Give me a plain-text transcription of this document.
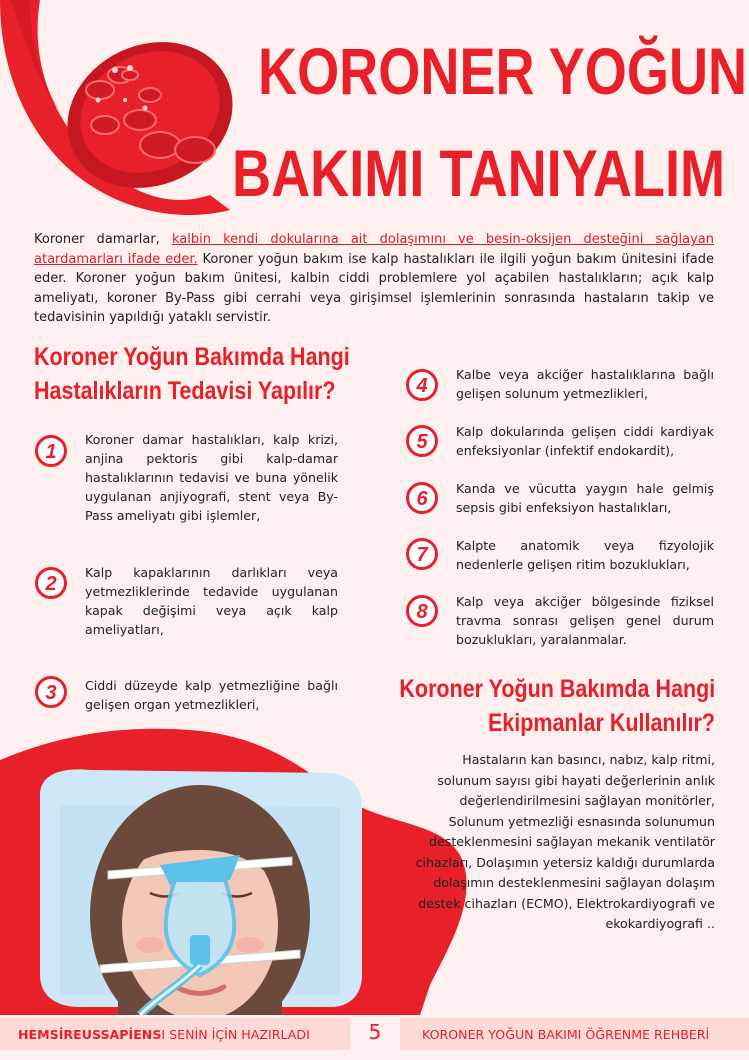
KORONER YOĞUN
BAKIMI TANIYALIM
Koroner damarlar, kalbin kendi dokularına ait dolaşımını ve besin-oksijen desteğini sağlayan atardamarları ifade eder. Koroner yoğun bakım ise kalp hastalıkları ile ilgili yoğun bakım ünitesini ifade eder. Koroner yoğun bakım ünitesi, kalbin ciddi problemlere yol açabilen hastalıkların; açık kalp ameliyatı, koroner By-Pass gibi cerrahi veya girişimsel işlemlerinin sonrasında hastaların takip ve tedavisinin yapıldığı yataklı servistir.
Koroner Yoğun Bakımda Hangi
Hastalıkların Tedavisi Yapılır?
1
Koroner damar hastalıkları, kalp krizi, anjina pektoris gibi kalp-damar hastalıklarının tedavisi ve buna yönelik uygulanan anjiyografi, stent veya By-Pass ameliyatı gibi işlemler,
2
Kalp kapaklarının darlıkları veya yetmezliklerinde tedavide uygulanan kapak değişimi veya açık kalp ameliyatları,
3 Ciddi düzeyde kalp yetmezliğine bağlı gelişen organ yetmezlikleri,
4
Kalbe veya akciğer hastalıklarına bağlı gelişen solunum yetmezlikleri,
5 Kalp dokularında gelişen ciddi kardiyak enfeksiyonlar (infektif endokardit),
6 Kanda ve vücutta yaygın hale gelmiş sepsis gibi enfeksiyon hastalıkları,
7 Kalpte anatomik veya fizyolojik nedenlerle gelişen ritim bozuklukları,
8 Kalp veya akciğer bölgesinde fiziksel travma sonrası gelişen genel durum bozuklukları, yaralanmalar.
Koroner Yoğun Bakımda Hangi
Ekipmanlar Kullanılır?
Hastaların kan basıncı, nabız, kalp ritmi, solunum sayısı gibi hayati değerlerinin anlık değerlendirilmesini sağlayan monitörler, Solunum yetmezliği esnasında solunumun desteklenmesini sağlayan mekanik ventilatör cihazları, Dolaşımın yetersiz kaldığı durumlarda dolaşımın desteklenmesini sağlayan dolaşım destek cihazları (ECMO), Elektrokardiyografi ve ekokardiyografi ..
HEMSİREUSSAPİENS I SENİN İÇİN HAZIRLADI	5	KORONER YOĞUN BAKIMI ÖĞRENME REHBERİ
